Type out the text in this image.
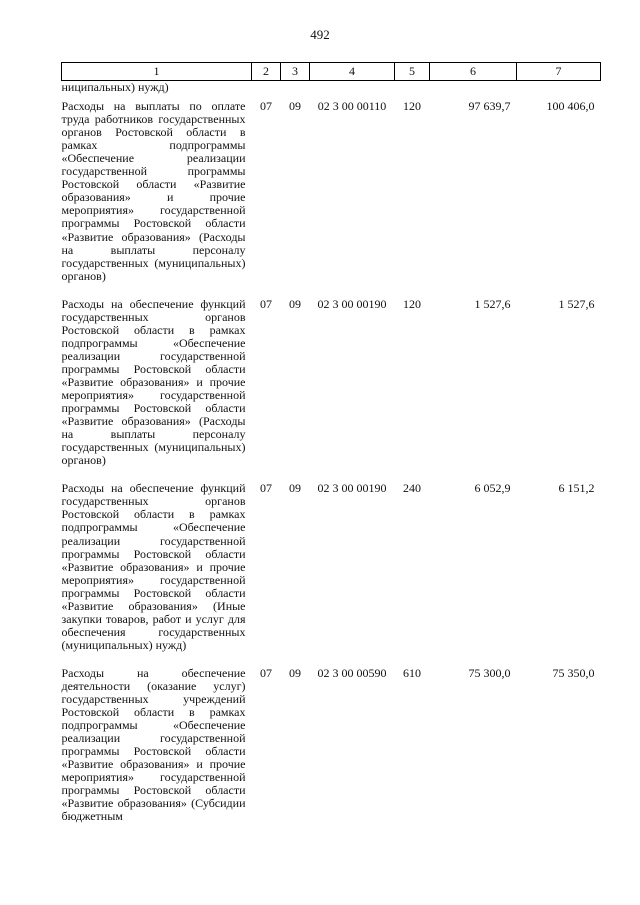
492
1	2	3	4	5	6	7
ниципальных) нужд)						
Расходы на выплаты по оплате труда работников государственных органов Ростовской области в рамках подпрограммы «Обеспечение реализации государственной программы Ростовской области «Развитие образования» и прочие мероприятия» государственной программы Ростовской области «Развитие образования» (Расходы на выплаты персоналу государственных (муниципальных) органов)	07	09	02 3 00 00110	120	97 639,7	100 406,0
Расходы на обеспечение функций государственных органов Ростовской области в рамках подпрограммы «Обеспечение реализации государственной программы Ростовской области «Развитие образования» и прочие мероприятия» государственной программы Ростовской области «Развитие образования» (Расходы на выплаты персоналу государственных (муниципальных) органов)	07	09	02 3 00 00190	120	1 527,6	1 527,6
Расходы на обеспечение функций государственных органов Ростовской области в рамках подпрограммы «Обеспечение реализации государственной программы Ростовской области «Развитие образования» и прочие мероприятия» государственной программы Ростовской области «Развитие образования» (Иные закупки товаров, работ и услуг для обеспечения государственных (муниципальных) нужд)	07	09	02 3 00 00190	240	6 052,9	6 151,2
Расходы на обеспечение деятельности (оказание услуг) государственных учреждений Ростовской области в рамках подпрограммы «Обеспечение реализации государственной программы Ростовской области «Развитие образования» и прочие мероприятия» государственной программы Ростовской области «Развитие образования» (Субсидии бюджетным	07	09	02 3 00 00590	610	75 300,0	75 350,0
